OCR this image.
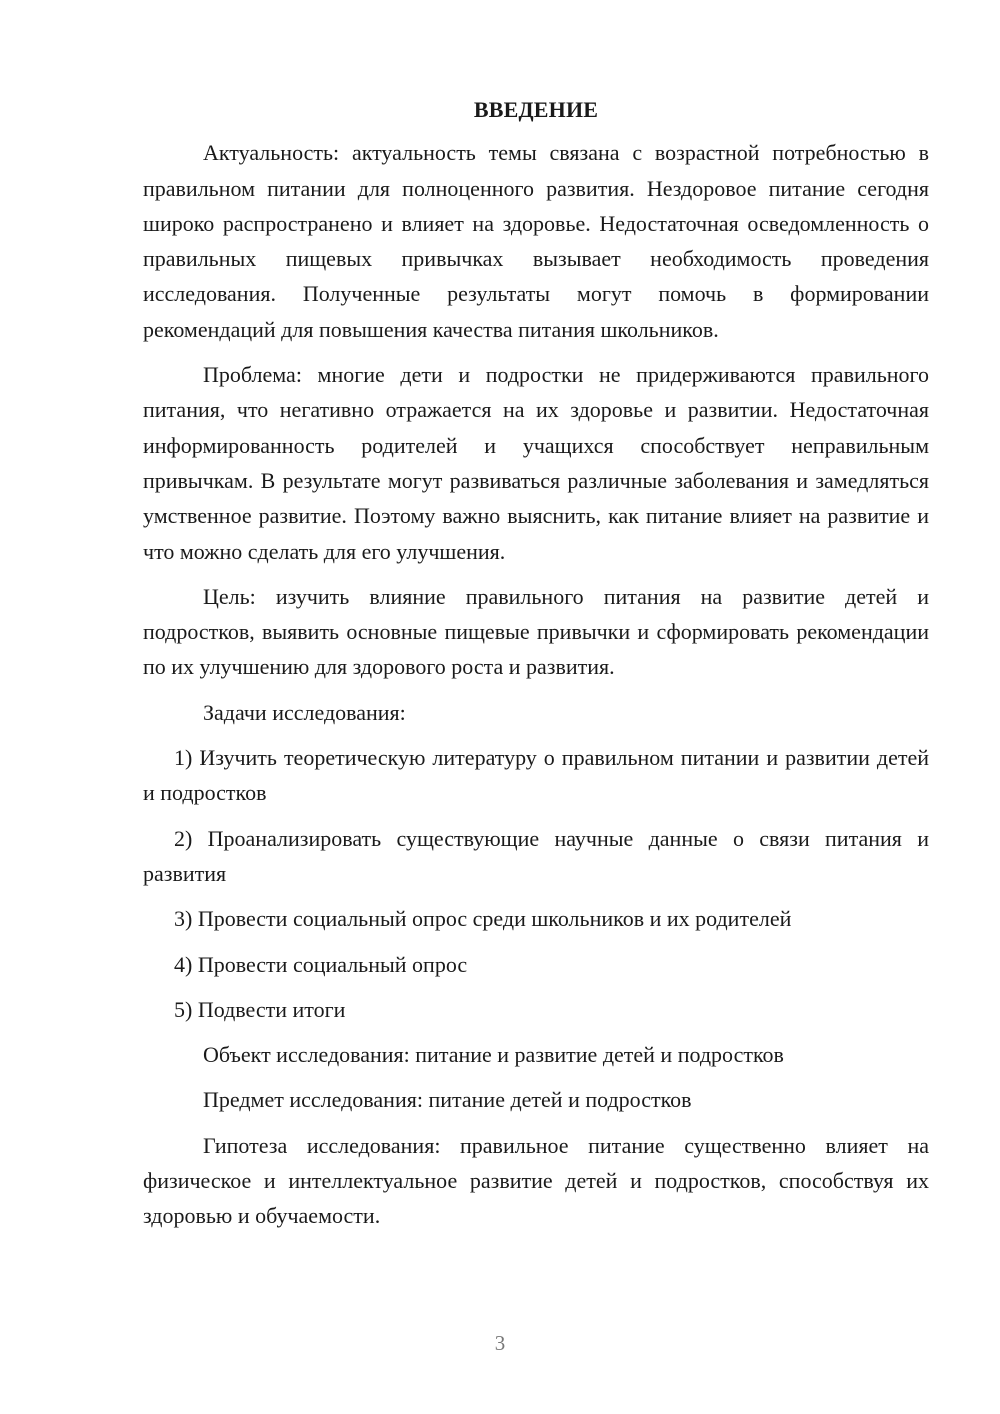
ВВЕДЕНИЕ

Актуальность: актуальность темы связана с возрастной потребностью в правильном питании для полноценного развития. Нездоровое питание сегодня широко распространено и влияет на здоровье. Недостаточная осведомленность о правильных пищевых привычках вызывает необходимость проведения исследования. Полученные результаты могут помочь в формировании рекомендаций для повышения качества питания школьников.

Проблема: многие дети и подростки не придерживаются правильного питания, что негативно отражается на их здоровье и развитии. Недостаточная информированность родителей и учащихся способствует неправильным привычкам. В результате могут развиваться различные заболевания и замедляться умственное развитие. Поэтому важно выяснить, как питание влияет на развитие и что можно сделать для его улучшения.

Цель: изучить влияние правильного питания на развитие детей и подростков, выявить основные пищевые привычки и сформировать рекомендации по их улучшению для здорового роста и развития.

Задачи исследования:

1) Изучить теоретическую литературу о правильном питании и развитии детей и подростков

2) Проанализировать существующие научные данные о связи питания и развития

3) Провести социальный опрос среди школьников и их родителей

4) Провести социальный опрос

5) Подвести итоги

Объект исследования: питание и развитие детей и подростков

Предмет исследования: питание детей и подростков

Гипотеза исследования: правильное питание существенно влияет на физическое и интеллектуальное развитие детей и подростков, способствуя их здоровью и обучаемости.

3
